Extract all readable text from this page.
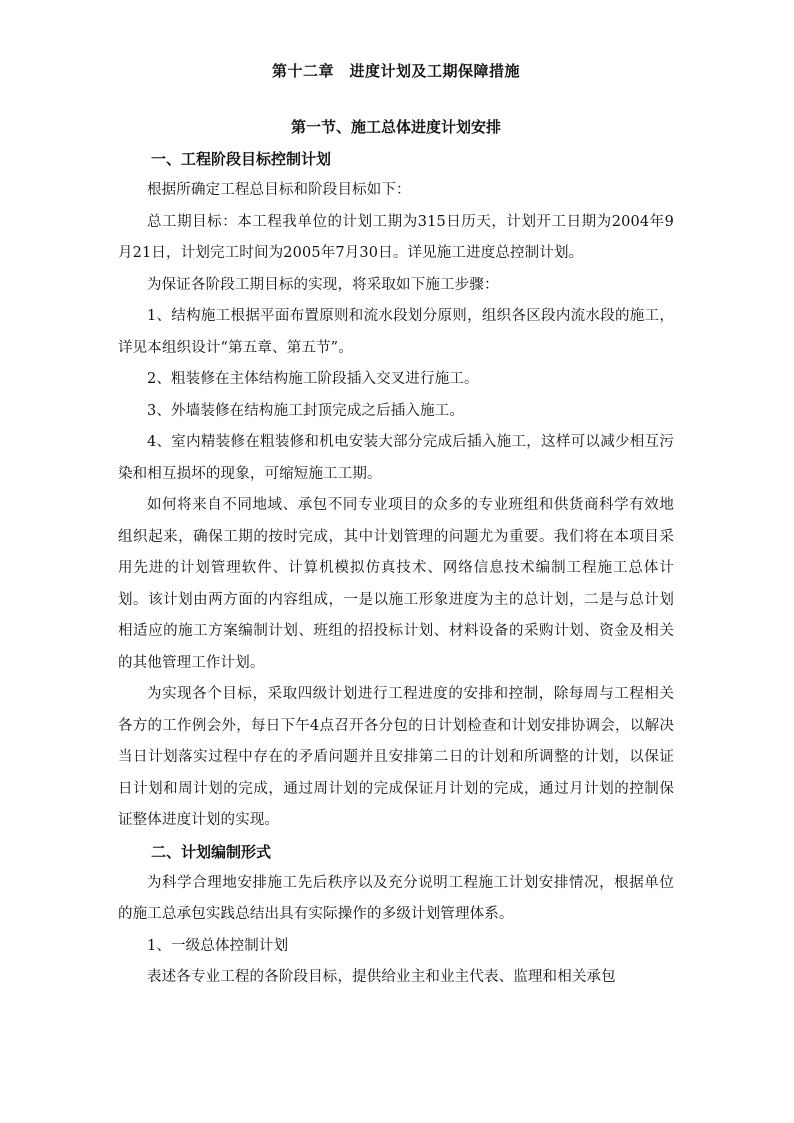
第十二章　进度计划及工期保障措施
第一节、施工总体进度计划安排

一、工程阶段目标控制计划

根据所确定工程总目标和阶段目标如下：

总工期目标：本工程我单位的计划工期为315日历天，计划开工日期为2004年9月21日，计划完工时间为2005年7月30日。详见施工进度总控制计划。

为保证各阶段工期目标的实现，将采取如下施工步骤：

1、结构施工根据平面布置原则和流水段划分原则，组织各区段内流水段的施工，详见本组织设计“第五章、第五节”。

2、粗装修在主体结构施工阶段插入交叉进行施工。

3、外墙装修在结构施工封顶完成之后插入施工。

4、室内精装修在粗装修和机电安装大部分完成后插入施工，这样可以减少相互污染和相互损坏的现象，可缩短施工工期。

如何将来自不同地域、承包不同专业项目的众多的专业班组和供货商科学有效地组织起来，确保工期的按时完成，其中计划管理的问题尤为重要。我们将在本项目采用先进的计划管理软件、计算机模拟仿真技术、网络信息技术编制工程施工总体计划。该计划由两方面的内容组成，一是以施工形象进度为主的总计划，二是与总计划相适应的施工方案编制计划、班组的招投标计划、材料设备的采购计划、资金及相关的其他管理工作计划。

为实现各个目标，采取四级计划进行工程进度的安排和控制，除每周与工程相关各方的工作例会外，每日下午4点召开各分包的日计划检查和计划安排协调会，以解决当日计划落实过程中存在的矛盾问题并且安排第二日的计划和所调整的计划，以保证日计划和周计划的完成，通过周计划的完成保证月计划的完成，通过月计划的控制保证整体进度计划的实现。

二、计划编制形式

为科学合理地安排施工先后秩序以及充分说明工程施工计划安排情况，根据单位的施工总承包实践总结出具有实际操作的多级计划管理体系。

1、一级总体控制计划

表述各专业工程的各阶段目标，提供给业主和业主代表、监理和相关承包
